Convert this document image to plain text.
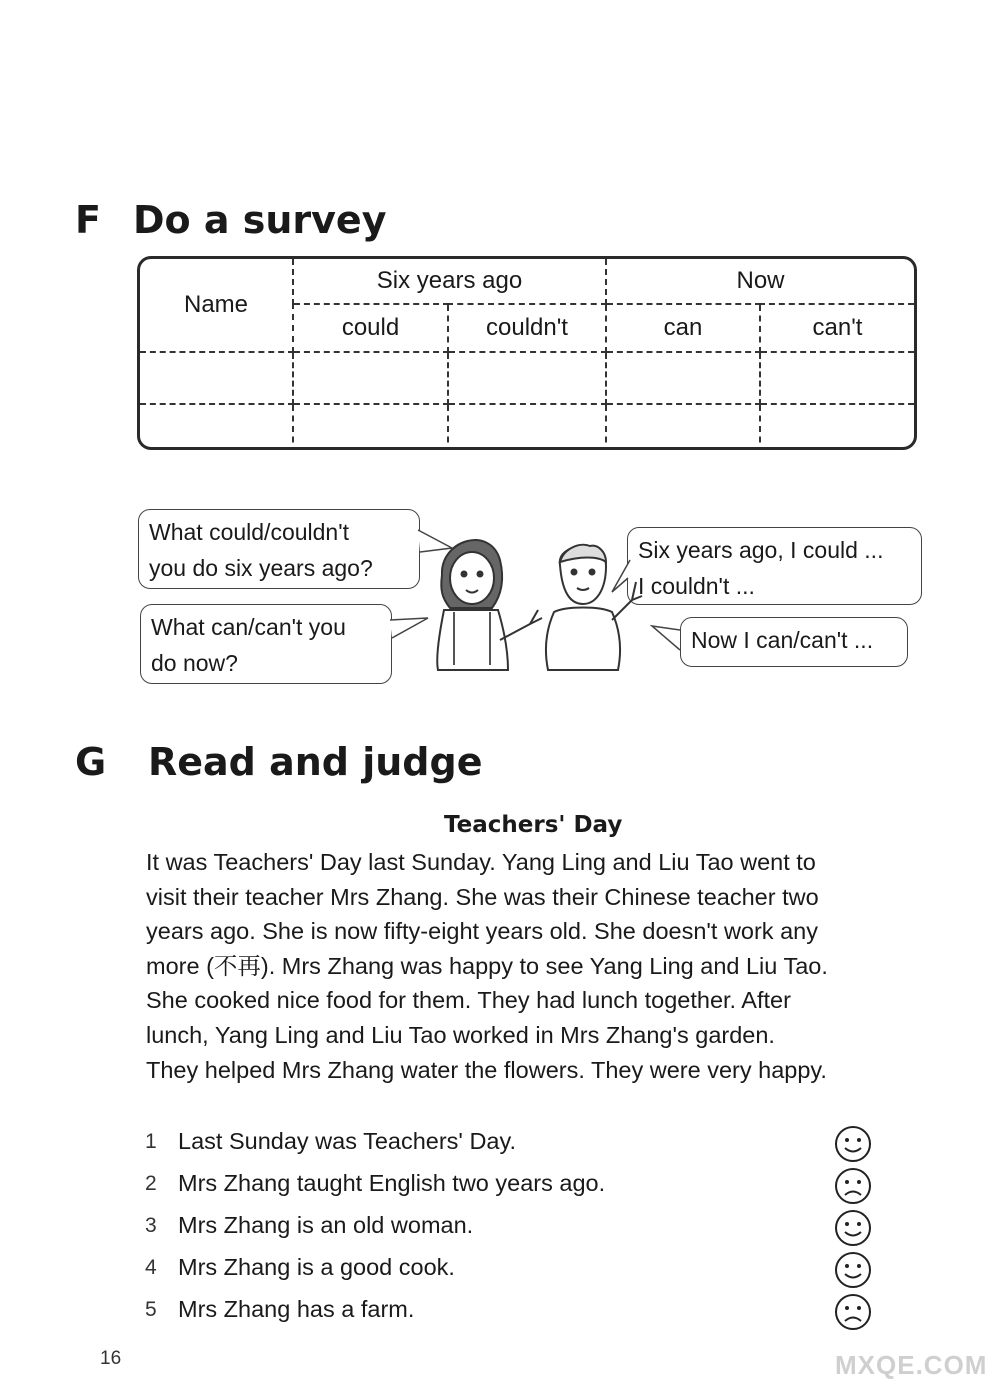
F Do a survey
Name	Six years ago		Now	
	could	couldn't	can	can't

What could/couldn't
you do six years ago?
What can/can't you
do now?
Six years ago, I could ...
I couldn't ...
Now I can/can't ...
G Read and judge
Teachers' Day

It was Teachers' Day last Sunday. Yang Ling and Liu Tao went to

visit their teacher Mrs Zhang. She was their Chinese teacher two

years ago. She is now fifty-eight years old. She doesn't work any

more (不再). Mrs Zhang was happy to see Yang Ling and Liu Tao.

She cooked nice food for them. They had lunch together. After

lunch, Yang Ling and Liu Tao worked in Mrs Zhang's garden.

They helped Mrs Zhang water the flowers. They were very happy.

1 Last Sunday was Teachers' Day.
2 Mrs Zhang taught English two years ago.
3 Mrs Zhang is an old woman.
4 Mrs Zhang is a good cook.
5 Mrs Zhang has a farm.
16	MXQE.COM
